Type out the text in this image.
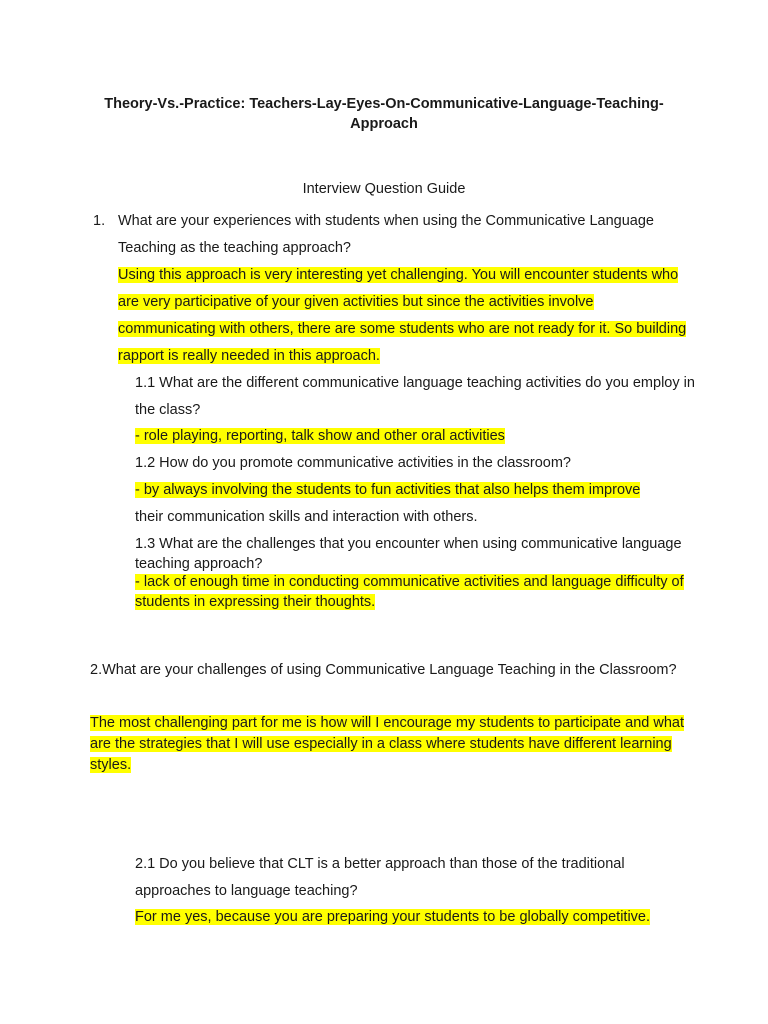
Theory-Vs.-Practice: Teachers-Lay-Eyes-On-Communicative-Language-Teaching-Approach
Interview Question Guide
1. What are your experiences with students when using the Communicative Language Teaching as the teaching approach?
Using this approach is very interesting yet challenging. You will encounter students who are very participative of your given activities but since the activities involve communicating with others, there are some students who are not ready for it. So building rapport is really needed in this approach.
1.1 What are the different communicative language teaching activities do you employ in the class?
- role playing, reporting, talk show and other oral activities
1.2 How do you promote communicative activities in the classroom?
- by always involving the students to fun activities that also helps them improve
their communication skills and interaction with others.
1.3 What are the challenges that you encounter when using communicative language teaching approach?
- lack of enough time in conducting communicative activities and language difficulty of students in expressing their thoughts.
2.What are your challenges of using Communicative Language Teaching in the Classroom?
The most challenging part for me is how will I encourage my students to participate and what are the strategies that I will use especially in a class where students have different learning styles.
2.1 Do you believe that CLT is a better approach than those of the traditional approaches to language teaching?
For me yes, because you are preparing your students to be globally competitive.
